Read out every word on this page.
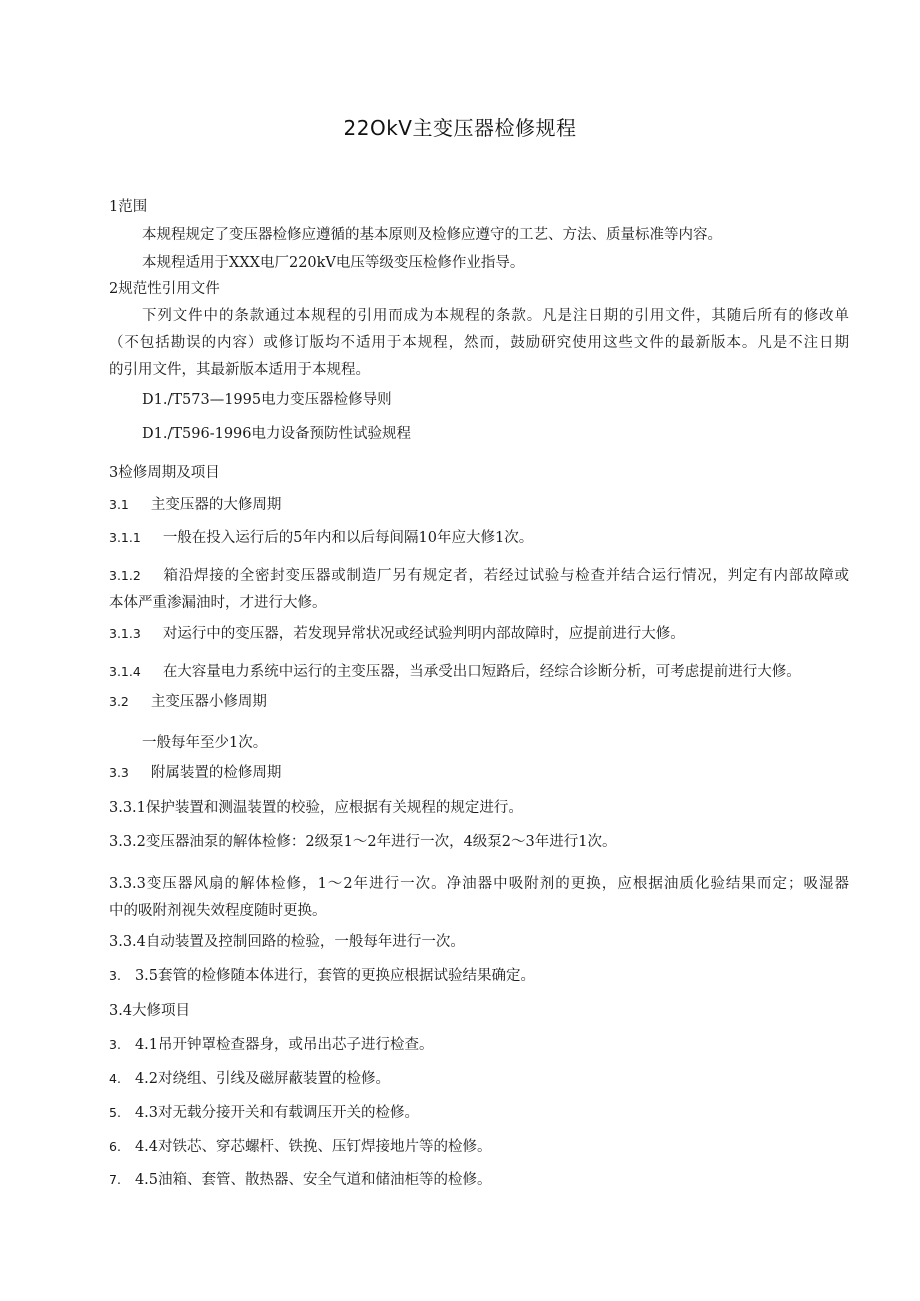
22OkV主变压器检修规程
1范围
本规程规定了变压器检修应遵循的基本原则及检修应遵守的工艺、方法、质量标准等内容。
本规程适用于XXX电厂220kV电压等级变压检修作业指导。
2规范性引用文件
下列文件中的条款通过本规程的引用而成为本规程的条款。凡是注日期的引用文件，其随后所有的修改单
（不包括勘误的内容）或修订版均不适用于本规程，然而，鼓励研究使用这些文件的最新版本。凡是不注日期
的引用文件，其最新版本适用于本规程。
D1./T573—1995电力变压器检修导则
D1./T596-1996电力设备预防性试验规程
3检修周期及项目
3.1 主变压器的大修周期
3.1.1 一般在投入运行后的5年内和以后每间隔10年应大修1次。
3.1.2 箱沿焊接的全密封变压器或制造厂另有规定者，若经过试验与检查并结合运行情况，判定有内部故障或
本体严重渗漏油时，才进行大修。
3.1.3 对运行中的变压器，若发现异常状况或经试验判明内部故障时，应提前进行大修。
3.1.4 在大容量电力系统中运行的主变压器，当承受出口短路后，经综合诊断分析，可考虑提前进行大修。
3.2 主变压器小修周期
一般每年至少1次。
3.3 附属装置的检修周期
3.3.1保护装置和测温装置的校验，应根据有关规程的规定进行。
3.3.2变压器油泵的解体检修：2级泵1～2年进行一次，4级泵2～3年进行1次。
3.3.3变压器风扇的解体检修，1～2年进行一次。净油器中吸附剂的更换，应根据油质化验结果而定；吸湿器
中的吸附剂视失效程度随时更换。
3.3.4自动装置及控制回路的检验，一般每年进行一次。
3. 3.5套管的检修随本体进行，套管的更换应根据试验结果确定。
3.4大修项目
3. 4.1吊开钟罩检查器身，或吊出芯子进行检查。
4. 4.2对绕组、引线及磁屏蔽装置的检修。
5. 4.3对无载分接开关和有载调压开关的检修。
6. 4.4对铁芯、穿芯螺杆、铁挽、压钉焊接地片等的检修。
7. 4.5油箱、套管、散热器、安全气道和储油柜等的检修。
